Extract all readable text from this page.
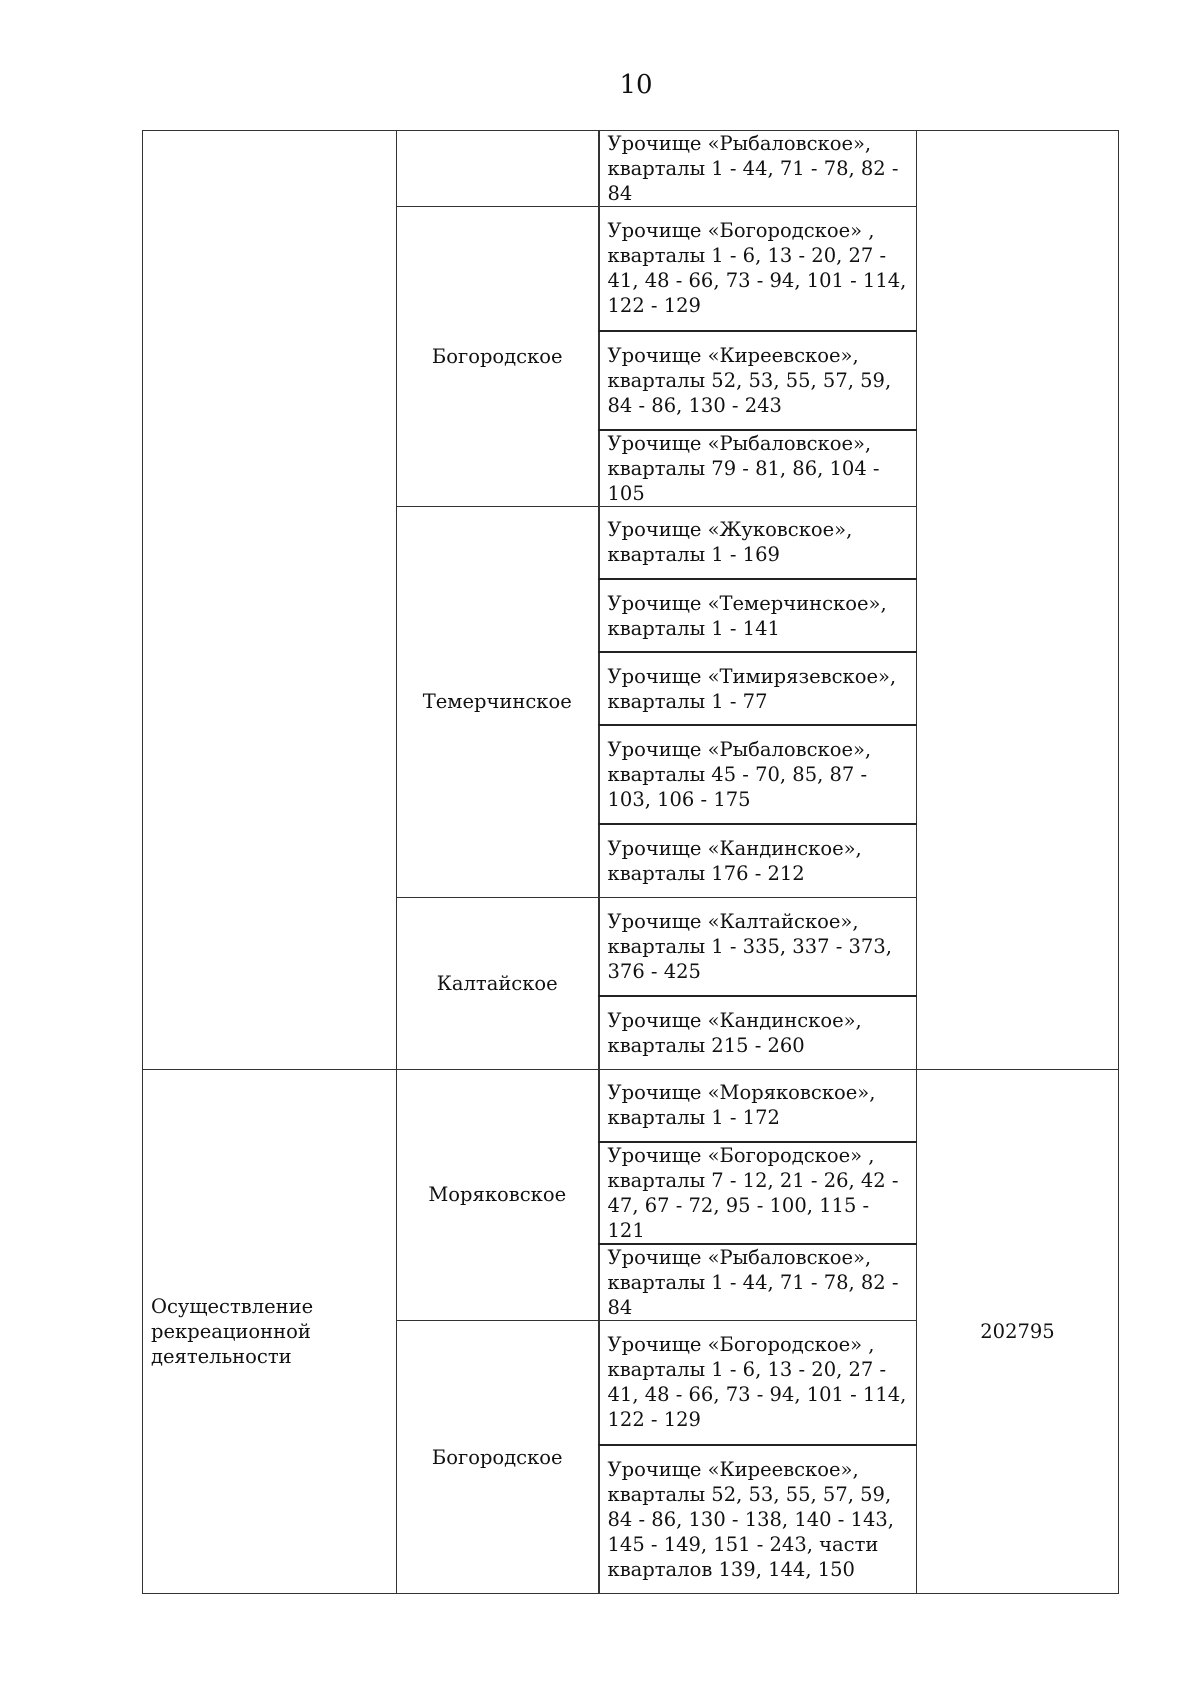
10
		Урочище «Рыбаловское», кварталы 1 - 44, 71 - 78, 82 - 84	
	Богородское	Урочище «Богородское» , кварталы 1 - 6, 13 - 20, 27 - 41, 48 - 66, 73 - 94, 101 - 114, 122 - 129	
		Урочище «Киреевское», кварталы 52, 53, 55, 57, 59, 84 - 86, 130 - 243	
		Урочище «Рыбаловское», кварталы 79 - 81, 86, 104 - 105	
	Темерчинское	Урочище «Жуковское», кварталы 1 - 169	
		Урочище «Темерчинское», кварталы 1 - 141	
		Урочище «Тимирязевское», кварталы 1 - 77	
		Урочище «Рыбаловское», кварталы 45 - 70, 85, 87 - 103, 106 - 175	
		Урочище «Кандинское», кварталы 176 - 212	
	Калтайское	Урочище «Калтайское», кварталы 1 - 335, 337 - 373, 376 - 425	
		Урочище «Кандинское», кварталы 215 - 260	
Осуществление рекреационной деятельности	Моряковское	Урочище «Моряковское», кварталы 1 - 172	202795
		Урочище «Богородское» , кварталы 7 - 12, 21 - 26, 42 - 47, 67 - 72, 95 - 100, 115 - 121	
		Урочище «Рыбаловское», кварталы 1 - 44, 71 - 78, 82 - 84	
	Богородское	Урочище «Богородское» , кварталы 1 - 6, 13 - 20, 27 - 41, 48 - 66, 73 - 94, 101 - 114, 122 - 129	
		Урочище «Киреевское», кварталы 52, 53, 55, 57, 59, 84 - 86, 130 - 138, 140 - 143, 145 - 149, 151 - 243, части кварталов 139, 144, 150	
